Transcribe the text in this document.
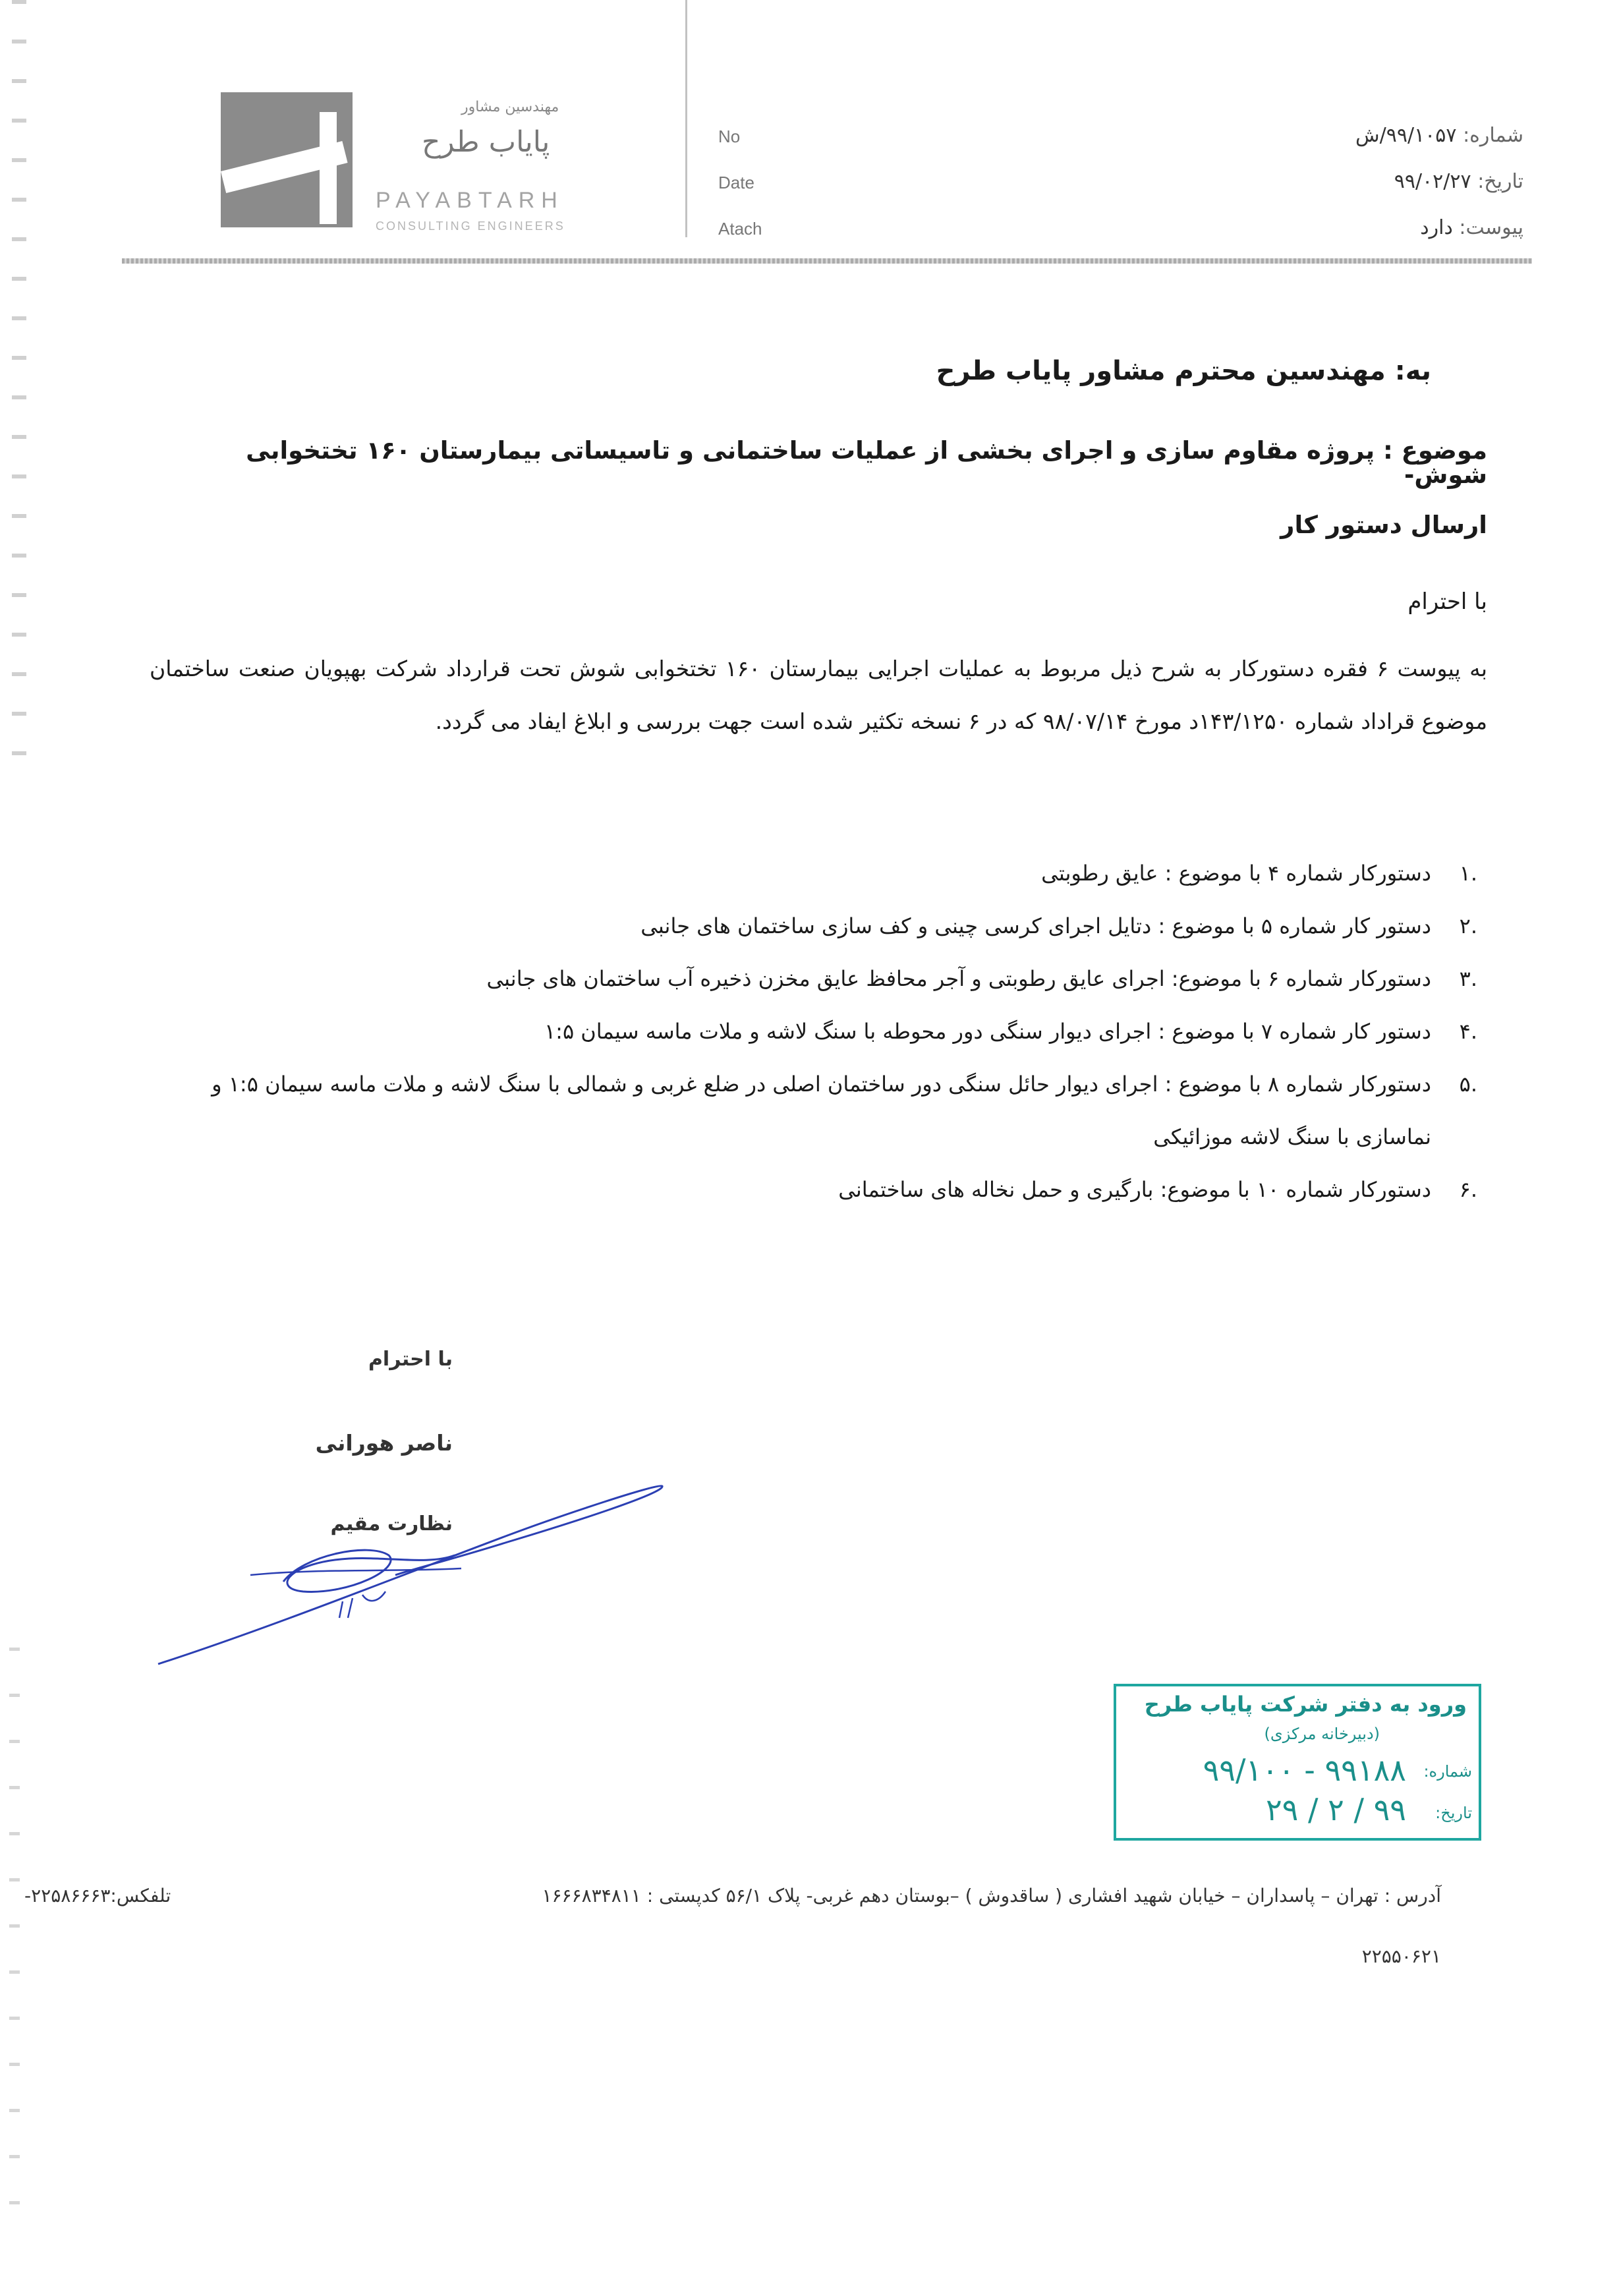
مهندسین مشاور
پایاب طرح
PAYABTARH
CONSULTING ENGINEERS
No
Date
Atach
شماره: ۹۹/۱۰۵۷/ش
تاریخ: ۹۹/۰۲/۲۷
پیوست: دارد
به: مهندسین محترم مشاور پایاب طرح
موضوع : پروژه مقاوم سازی و اجرای بخشی از عملیات ساختمانی و تاسیساتی بیمارستان ۱۶۰ تختخوابی شوش-
ارسال دستور کار
با احترام
به پیوست ۶ فقره دستورکار به شرح ذیل مربوط به عملیات اجرایی بیمارستان ۱۶۰ تختخوابی شوش تحت قرارداد شرکت بهپویان صنعت ساختمان موضوع قراداد شماره ۱۴۳/۱۲۵۰د مورخ ۹۸/۰۷/۱۴ که در ۶ نسخه تکثیر شده است جهت بررسی و ابلاغ ایفاد می گردد.
.۱
دستورکار شماره ۴ با موضوع : عایق رطوبتی
.۲
دستور کار شماره ۵ با موضوع : دتایل اجرای کرسی چینی و کف سازی ساختمان های جانبی
.۳
دستورکار شماره ۶ با موضوع: اجرای عایق رطوبتی و آجر محافظ عایق مخزن ذخیره آب ساختمان های جانبی
.۴
دستور کار شماره ۷ با موضوع : اجرای دیوار سنگی دور محوطه با سنگ لاشه و ملات ماسه سیمان ۱:۵
.۵
دستورکار شماره ۸ با موضوع : اجرای دیوار حائل سنگی دور ساختمان اصلی در ضلع غربی و شمالی با سنگ لاشه و ملات ماسه سیمان ۱:۵ و نماسازی با سنگ لاشه موزائیکی
.۶
دستورکار شماره ۱۰ با موضوع: بارگیری و حمل نخاله های ساختمانی
با احترام
ناصر هورانی
نظارت مقیم
ورود به دفتر شرکت پایاب طرح
(دبیرخانه مرکزی)
شماره:
۹۹۱۸۸ - ۹۹/۱۰۰
تاریخ:
۹۹ / ۲ / ۲۹
آدرس : تهران – پاسداران – خیابان شهید افشاری ( ساقدوش ) –بوستان دهم غربی- پلاک ۵۶/۱ کدپستی : ۱۶۶۶۸۳۴۸۱۱
تلفکس:۲۲۵۸۶۶۶۳-
۲۲۵۵۰۶۲۱
